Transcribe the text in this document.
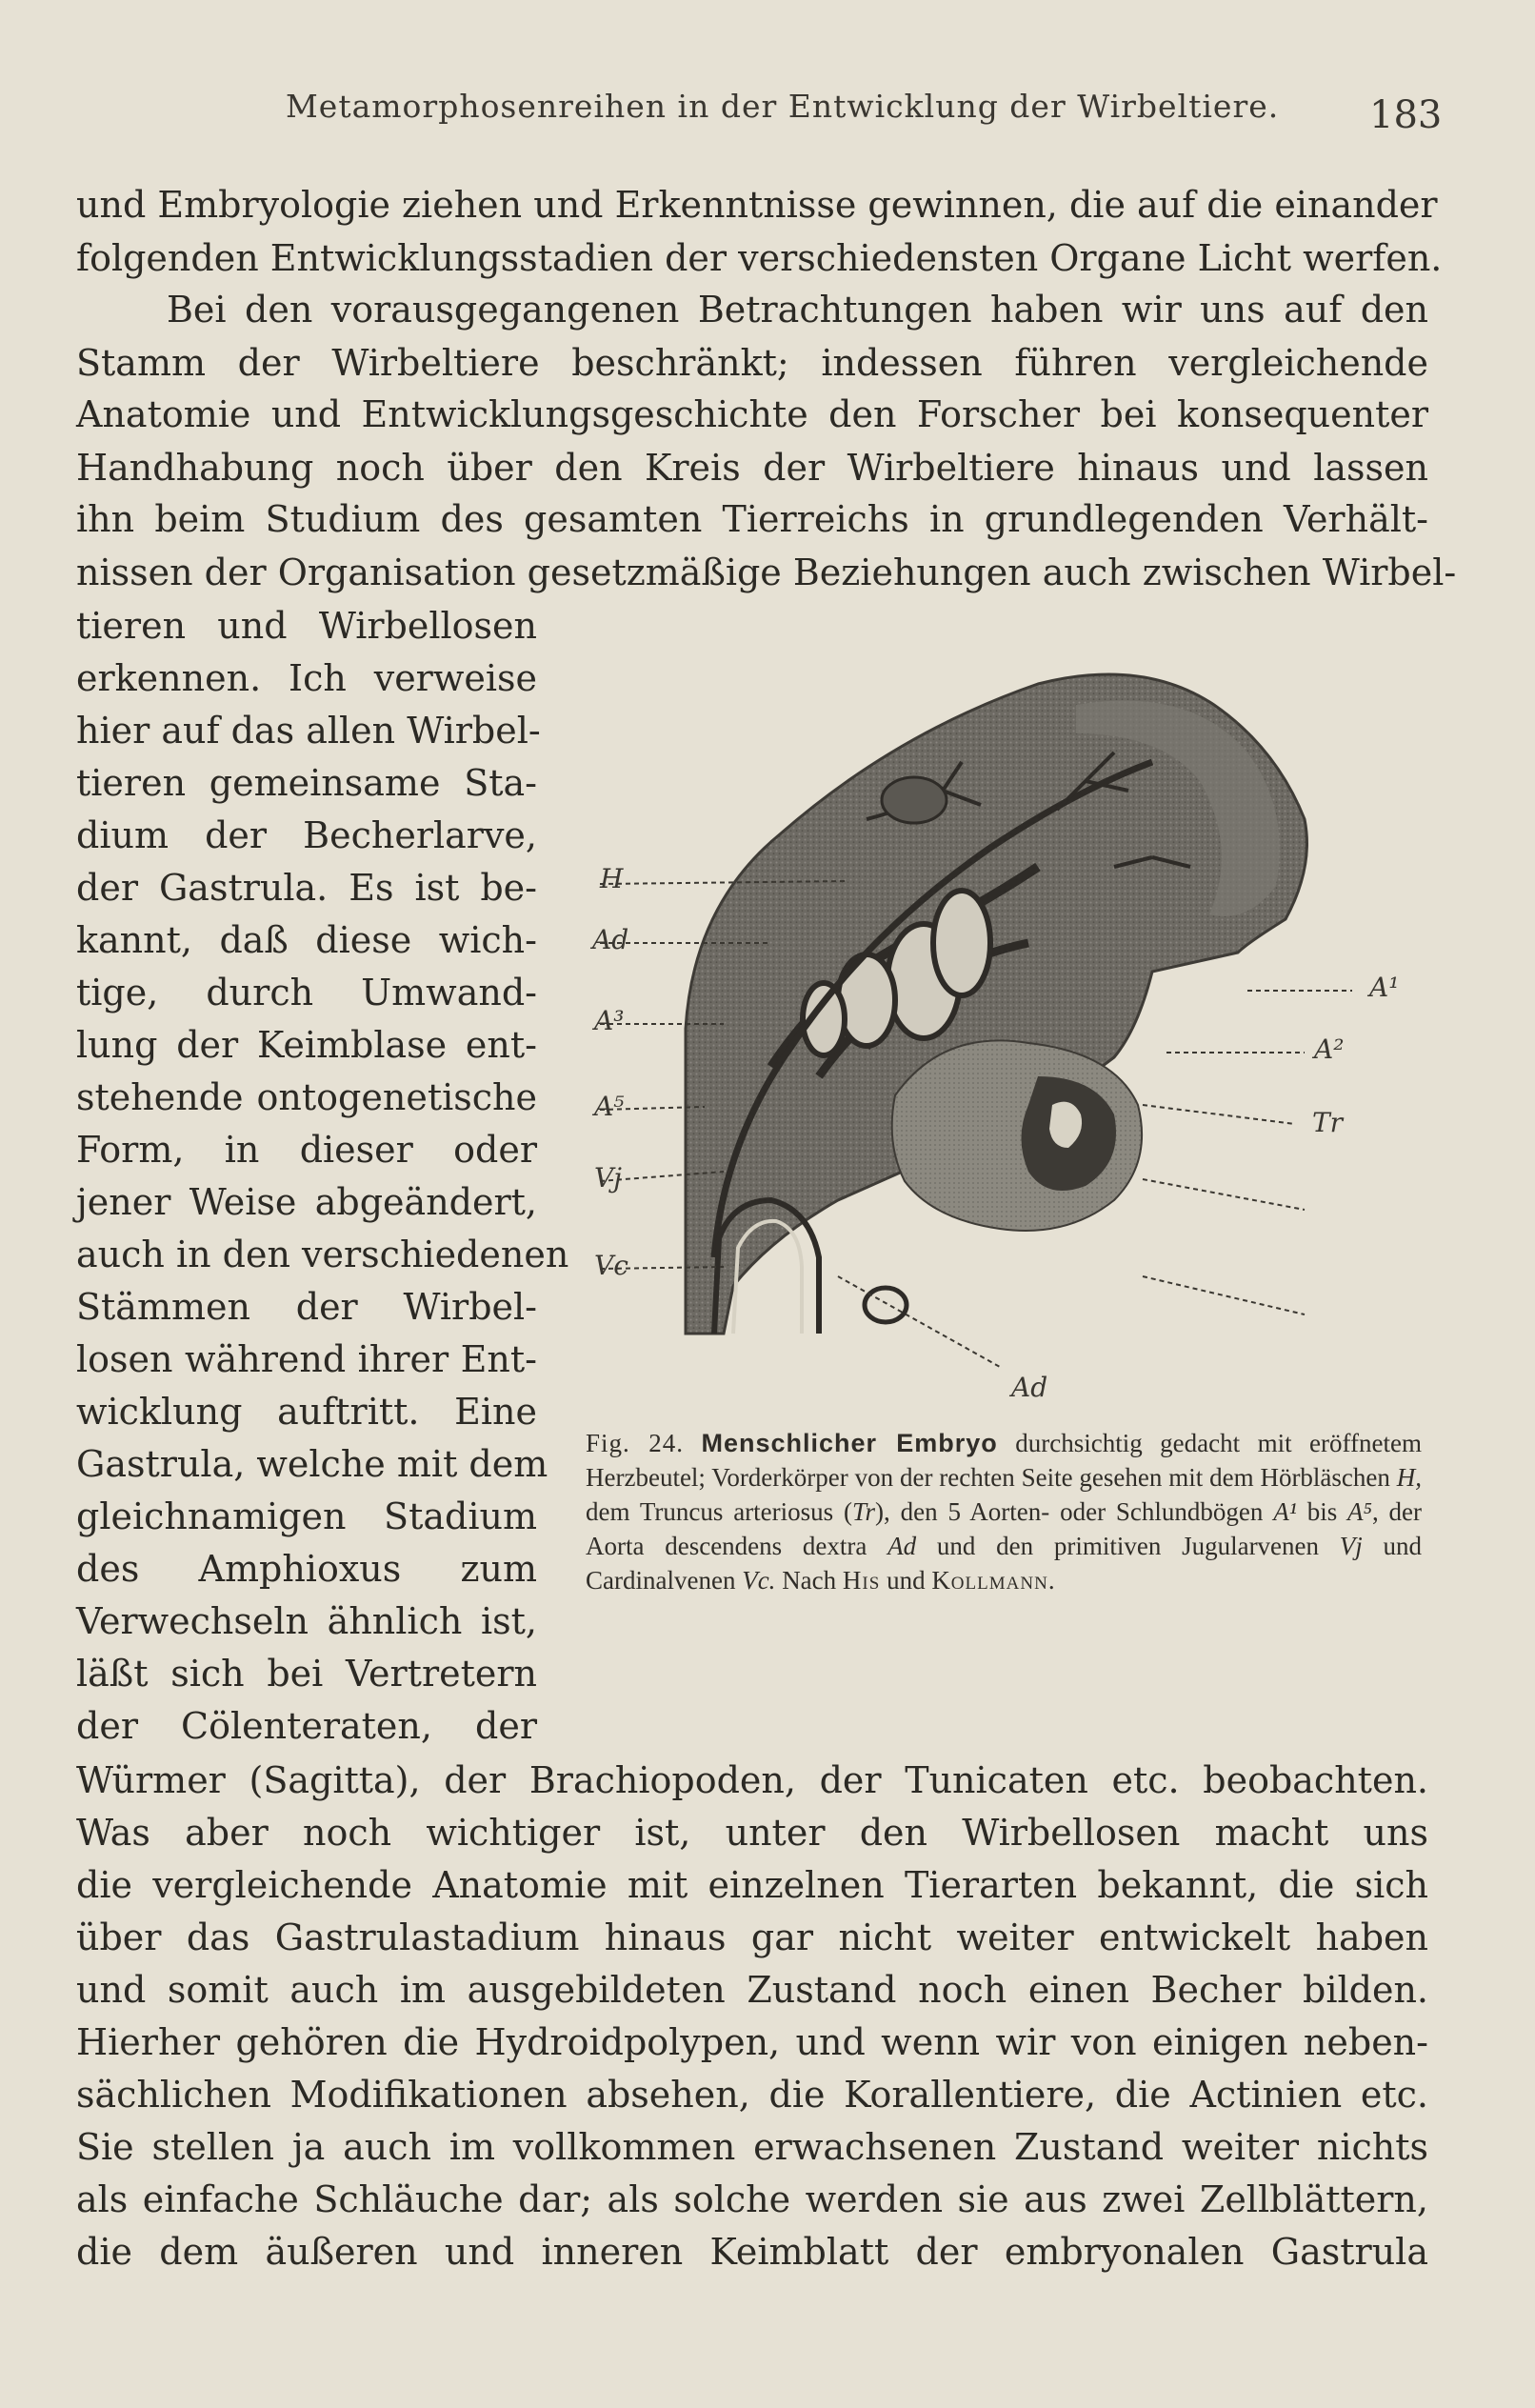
Metamorphosenreihen in der Entwicklung der Wirbeltiere. 183
und Embryologie ziehen und Erkenntnisse gewinnen, die auf die einander
folgenden Entwicklungsstadien der verschiedensten Organe Licht werfen.
Bei den vorausgegangenen Betrachtungen haben wir uns auf den
Stamm der Wirbeltiere beschränkt; indessen führen vergleichende
Anatomie und Entwicklungsgeschichte den Forscher bei konsequenter
Handhabung noch über den Kreis der Wirbeltiere hinaus und lassen
ihn beim Studium des gesamten Tierreichs in grundlegenden Verhält-
nissen der Organisation gesetzmäßige Beziehungen auch zwischen Wirbel-
tieren und Wirbellosen
erkennen. Ich verweise
hier auf das allen Wirbel-
tieren gemeinsame Sta-
dium der Becherlarve,
der Gastrula. Es ist be-
kannt, daß diese wich-
tige, durch Umwand-
lung der Keimblase ent-
stehende ontogenetische
Form, in dieser oder
jener Weise abgeändert,
auch in den verschiedenen
Stämmen der Wirbel-
losen während ihrer Ent-
wicklung auftritt. Eine
Gastrula, welche mit dem
gleichnamigen Stadium
des Amphioxus zum
Verwechseln ähnlich ist,
läßt sich bei Vertretern
der Cölenteraten, der
H
Ad
A³
A⁵
Vj
Vc
A¹
A²
Tr
Ad
Fig. 24. Menschlicher Embryo durchsichtig gedacht mit eröffnetem Herzbeutel; Vorderkörper von der rechten Seite gesehen mit dem Hörbläschen H, dem Truncus arteriosus (Tr), den 5 Aorten- oder Schlundbögen A¹ bis A⁵, der Aorta descendens dextra Ad und den primitiven Jugularvenen Vj und Cardinalvenen Vc. Nach His und Kollmann.
Würmer (Sagitta), der Brachiopoden, der Tunicaten etc. beobachten.
Was aber noch wichtiger ist, unter den Wirbellosen macht uns
die vergleichende Anatomie mit einzelnen Tierarten bekannt, die sich
über das Gastrulastadium hinaus gar nicht weiter entwickelt haben
und somit auch im ausgebildeten Zustand noch einen Becher bilden.
Hierher gehören die Hydroidpolypen, und wenn wir von einigen neben-
sächlichen Modifikationen absehen, die Korallentiere, die Actinien etc.
Sie stellen ja auch im vollkommen erwachsenen Zustand weiter nichts
als einfache Schläuche dar; als solche werden sie aus zwei Zellblättern,
die dem äußeren und inneren Keimblatt der embryonalen Gastrula
